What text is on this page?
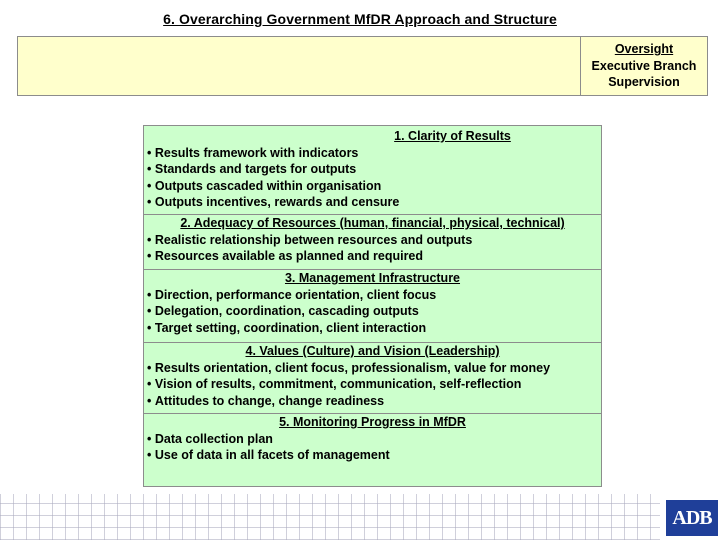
6. Overarching Government MfDR Approach and Structure
Oversight
Executive Branch
Supervision
1. Clarity of Results
• Results framework with indicators
• Standards and targets for outputs
• Outputs cascaded within organisation
• Outputs incentives, rewards and censure
2. Adequacy of Resources (human, financial, physical, technical)
• Realistic relationship between resources and outputs
• Resources available as planned and required
3. Management Infrastructure
• Direction, performance orientation, client focus
• Delegation, coordination, cascading outputs
• Target setting, coordination, client interaction
4. Values (Culture) and Vision (Leadership)
• Results orientation, client focus, professionalism, value for money
• Vision of results, commitment, communication, self-reflection
• Attitudes to change, change readiness
5. Monitoring Progress in MfDR
• Data collection plan
• Use of data in all facets of management
ADB
